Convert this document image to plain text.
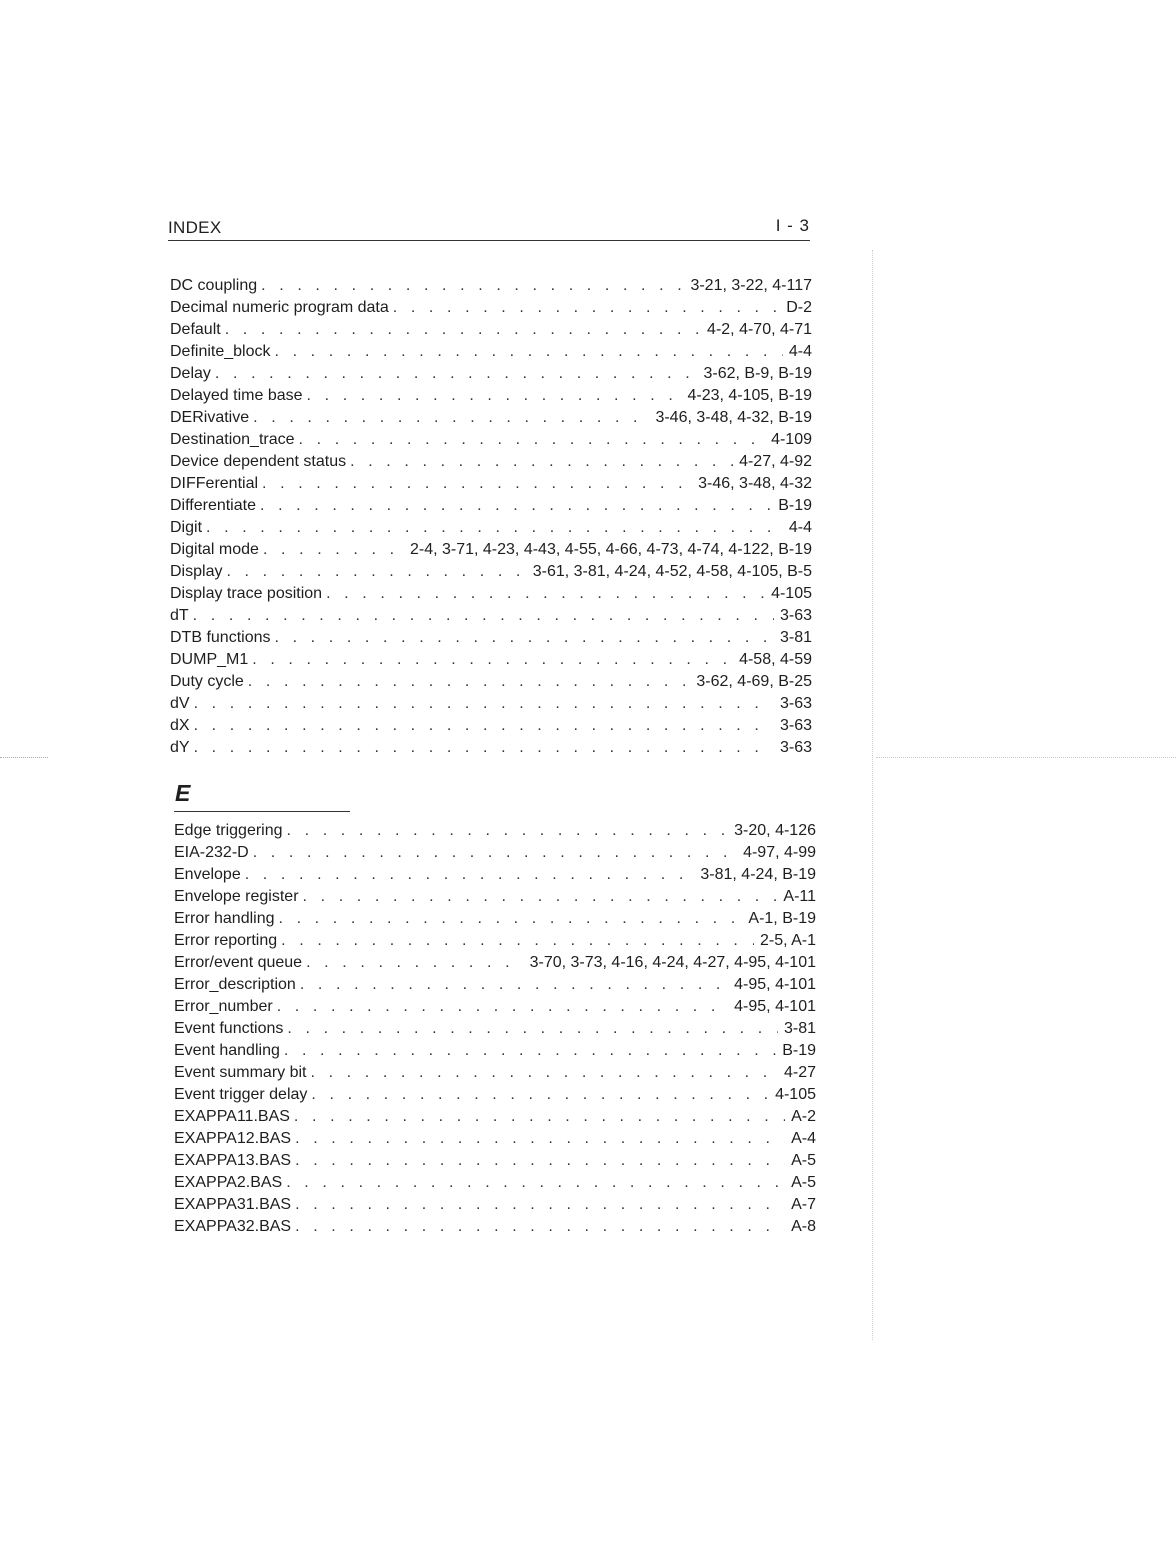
INDEX	I - 3
DC coupling . . .	3-21, 3-22, 4-117
Decimal numeric program data . . .	D-2
Default . . .	4-2, 4-70, 4-71
Definite_block . . .	4-4
Delay . . .	3-62, B-9, B-19
Delayed time base . . .	4-23, 4-105, B-19
DERivative . . .	3-46, 3-48, 4-32, B-19
Destination_trace . . .	4-109
Device dependent status . . .	4-27, 4-92
DIFFerential . . .	3-46, 3-48, 4-32
Differentiate . . .	B-19
Digit . . .	4-4
Digital mode . . .	2-4, 3-71, 4-23, 4-43, 4-55, 4-66, 4-73, 4-74, 4-122, B-19
Display . . .	3-61, 3-81, 4-24, 4-52, 4-58, 4-105, B-5
Display trace position . . .	4-105
dT . . .	3-63
DTB functions . . .	3-81
DUMP_M1 . . .	4-58, 4-59
Duty cycle . . .	3-62, 4-69, B-25
dV . . .	3-63
dX . . .	3-63
dY . . .	3-63
E
Edge triggering . . .	3-20, 4-126
EIA-232-D . . .	4-97, 4-99
Envelope . . .	3-81, 4-24, B-19
Envelope register . . .	A-11
Error handling . . .	A-1, B-19
Error reporting . . .	2-5, A-1
Error/event queue . . .	3-70, 3-73, 4-16, 4-24, 4-27, 4-95, 4-101
Error_description . . .	4-95, 4-101
Error_number . . .	4-95, 4-101
Event functions . . .	3-81
Event handling . . .	B-19
Event summary bit . . .	4-27
Event trigger delay . . .	4-105
EXAPPA11.BAS . . .	A-2
EXAPPA12.BAS . . .	A-4
EXAPPA13.BAS . . .	A-5
EXAPPA2.BAS . . .	A-5
EXAPPA31.BAS . . .	A-7
EXAPPA32.BAS . . .	A-8
